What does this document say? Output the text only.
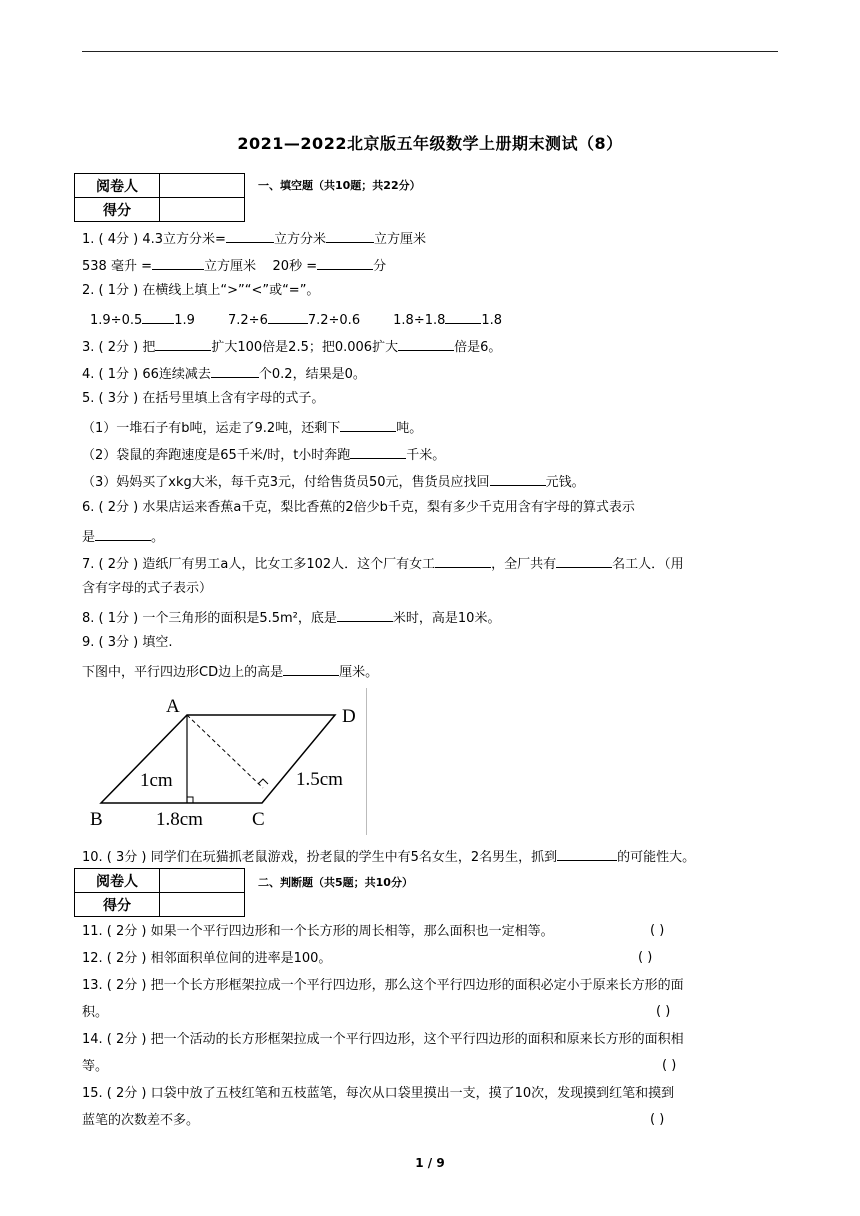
2021—2022北京版五年级数学上册期末测试（8）
阅卷人	
得分	
一、填空题（共10题；共22分）
1. ( 4分 ) 4.3立方分米=	立方分米	立方厘米
538 毫升 =	立方厘米 20秒 =	分
2. ( 1分 ) 在横线上填上“>”“<”或“=”。
1.9÷0.5 1.9	7.2÷6	7.2÷0.6	1.8÷1.8	1.8
3. ( 2分 ) 把	扩大100倍是2.5；把0.006扩大	倍是6。
4. ( 1分 ) 66连续减去	个0.2，结果是0。
5. ( 3分 ) 在括号里填上含有字母的式子。
（1）一堆石子有b吨，运走了9.2吨，还剩下	吨。
（2）袋鼠的奔跑速度是65千米/时，t小时奔跑	千米。
（3）妈妈买了xkg大米，每千克3元，付给售货员50元，售货员应找回	元钱。
6. ( 2分 ) 水果店运来香蕉a千克，梨比香蕉的2倍少b千克，梨有多少千克用含有字母的算式表示
是	。
7. ( 2分 ) 造纸厂有男工a人，比女工多102人．这个厂有女工	，全厂共有	名工人．（用
含有字母的式子表示）
8. ( 1分 ) 一个三角形的面积是5.5m²，底是	米时，高是10米。
9. ( 3分 ) 填空.
下图中，平行四边形CD边上的高是	厘米。
A	D
B	C
1cm
1.8cm
1.5cm
10. ( 3分 ) 同学们在玩猫抓老鼠游戏，扮老鼠的学生中有5名女生，2名男生，抓到	的可能性大。
阅卷人	
得分	
二、判断题（共5题；共10分）
11. ( 2分 ) 如果一个平行四边形和一个长方形的周长相等，那么面积也一定相等。	( )
12. ( 2分 ) 相邻面积单位间的进率是100。	( )
13. ( 2分 ) 把一个长方形框架拉成一个平行四边形，那么这个平行四边形的面积必定小于原来长方形的面
积。	( )
14. ( 2分 ) 把一个活动的长方形框架拉成一个平行四边形，这个平行四边形的面积和原来长方形的面积相
等。	( )
15. ( 2分 ) 口袋中放了五枝红笔和五枝蓝笔，每次从口袋里摸出一支，摸了10次，发现摸到红笔和摸到
蓝笔的次数差不多。	( )
1 / 9
